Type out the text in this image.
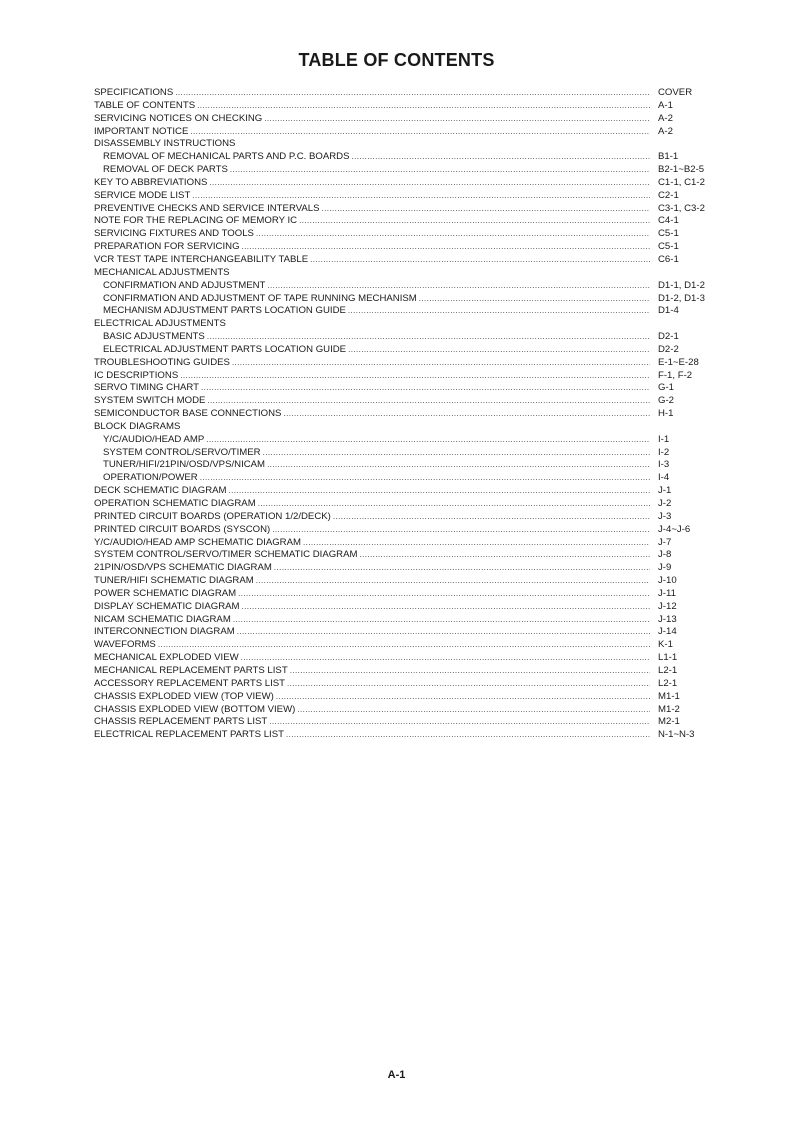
TABLE OF CONTENTS
SPECIFICATIONS .....	COVER
TABLE OF CONTENTS .....	A-1
SERVICING NOTICES ON CHECKING .....	A-2
IMPORTANT NOTICE .....	A-2
DISASSEMBLY INSTRUCTIONS
REMOVAL OF MECHANICAL PARTS AND P.C. BOARDS .....	B1-1
REMOVAL OF DECK PARTS .....	B2-1~B2-5
KEY TO ABBREVIATIONS .....	C1-1, C1-2
SERVICE MODE LIST .....	C2-1
PREVENTIVE CHECKS AND SERVICE INTERVALS .....	C3-1, C3-2
NOTE FOR THE REPLACING OF MEMORY IC .....	C4-1
SERVICING FIXTURES AND TOOLS .....	C5-1
PREPARATION FOR SERVICING .....	C5-1
VCR TEST TAPE INTERCHANGEABILITY TABLE .....	C6-1
MECHANICAL ADJUSTMENTS
CONFIRMATION AND ADJUSTMENT .....	D1-1, D1-2
CONFIRMATION AND ADJUSTMENT OF TAPE RUNNING MECHANISM .....	D1-2, D1-3
MECHANISM ADJUSTMENT PARTS LOCATION GUIDE .....	D1-4
ELECTRICAL ADJUSTMENTS
BASIC ADJUSTMENTS .....	D2-1
ELECTRICAL ADJUSTMENT PARTS LOCATION GUIDE .....	D2-2
TROUBLESHOOTING GUIDES .....	E-1~E-28
IC DESCRIPTIONS .....	F-1, F-2
SERVO TIMING CHART .....	G-1
SYSTEM SWITCH MODE .....	G-2
SEMICONDUCTOR BASE CONNECTIONS .....	H-1
BLOCK DIAGRAMS
Y/C/AUDIO/HEAD AMP .....	I-1
SYSTEM CONTROL/SERVO/TIMER .....	I-2
TUNER/HIFI/21PIN/OSD/VPS/NICAM .....	I-3
OPERATION/POWER .....	I-4
DECK SCHEMATIC DIAGRAM .....	J-1
OPERATION SCHEMATIC DIAGRAM .....	J-2
PRINTED CIRCUIT BOARDS (OPERATION 1/2/DECK) .....	J-3
PRINTED CIRCUIT BOARDS (SYSCON) .....	J-4~J-6
Y/C/AUDIO/HEAD AMP SCHEMATIC DIAGRAM .....	J-7
SYSTEM CONTROL/SERVO/TIMER SCHEMATIC DIAGRAM .....	J-8
21PIN/OSD/VPS SCHEMATIC DIAGRAM .....	J-9
TUNER/HIFI SCHEMATIC DIAGRAM .....	J-10
POWER SCHEMATIC DIAGRAM .....	J-11
DISPLAY SCHEMATIC DIAGRAM .....	J-12
NICAM SCHEMATIC DIAGRAM .....	J-13
INTERCONNECTION DIAGRAM .....	J-14
WAVEFORMS .....	K-1
MECHANICAL EXPLODED VIEW .....	L1-1
MECHANICAL REPLACEMENT PARTS LIST .....	L2-1
ACCESSORY REPLACEMENT PARTS LIST .....	L2-1
CHASSIS EXPLODED VIEW (TOP VIEW) .....	M1-1
CHASSIS EXPLODED VIEW (BOTTOM VIEW) .....	M1-2
CHASSIS REPLACEMENT PARTS LIST .....	M2-1
ELECTRICAL REPLACEMENT PARTS LIST .....	N-1~N-3
A-1
